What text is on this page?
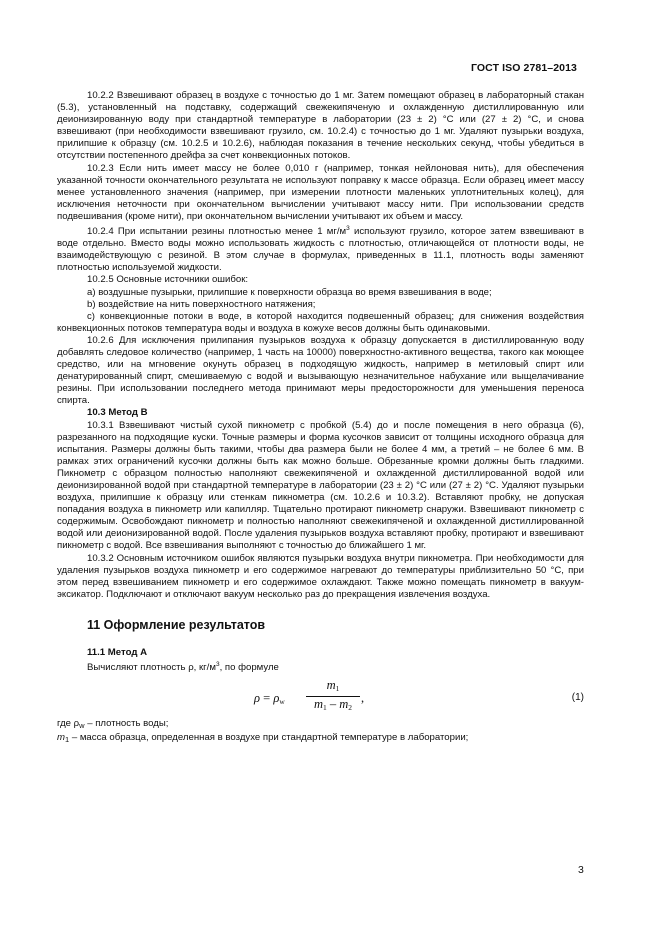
ГОСТ ISO 2781–2013

10.2.2 Взвешивают образец в воздухе с точностью до 1 мг. Затем помещают образец в лабораторный стакан (5.3), установленный на подставку, содержащий свежекипяченую и охлажденную дистиллированную или деионизированную воду при стандартной температуре в лаборатории (23 ± 2) °C или (27 ± 2) °C, и снова взвешивают (при необходимости взвешивают грузило, см. 10.2.4) с точностью до 1 мг. Удаляют пузырьки воздуха, прилипшие к образцу (см. 10.2.5 и 10.2.6), наблюдая показания в течение нескольких секунд, чтобы убедиться в отсутствии постепенного дрейфа за счет конвекционных потоков.

10.2.3 Если нить имеет массу не более 0,010 г (например, тонкая нейлоновая нить), для обеспечения указанной точности окончательного результата не используют поправку к массе образца. Если образец имеет массу менее установленного значения (например, при измерении плотности маленьких уплотнительных колец), для исключения неточности при окончательном вычислении учитывают массу нити. При использовании средств подвешивания (кроме нити), при окончательном вычислении учитывают их объем и массу.

10.2.4 При испытании резины плотностью менее 1 $мг/м^3$ используют грузило, которое затем взвешивают в воде отдельно. Вместо воды можно использовать жидкость с плотностью, отличающейся от плотности воды, не взаимодействующую с резиной. В этом случае в формулах, приведенных в 11.1, плотность воды заменяют плотностью используемой жидкости.

10.2.5 Основные источники ошибок:

а) воздушные пузырьки, прилипшие к поверхности образца во время взвешивания в воде;

b) воздействие на нить поверхностного натяжения;

c) конвекционные потоки в воде, в которой находится подвешенный образец; для снижения воздействия конвекционных потоков температура воды и воздуха в кожухе весов должны быть одинаковыми.

10.2.6 Для исключения прилипания пузырьков воздуха к образцу допускается в дистиллированную воду добавлять следовое количество (например, 1 часть на 10000) поверхностно-активного вещества, такого как моющее средство, или на мгновение окунуть образец в подходящую жидкость, например в метиловый спирт или денатурированный спирт, смешиваемую с водой и вызывающую незначительное набухание или выщелачивание резины. При использовании последнего метода принимают меры предосторожности для уменьшения переноса спирта.

10.3 Метод В

10.3.1 Взвешивают чистый сухой пикнометр с пробкой (5.4) до и после помещения в него образца (6), разрезанного на подходящие куски. Точные размеры и форма кусочков зависит от толщины исходного образца для испытания. Размеры должны быть такими, чтобы два размера были не более 4 мм, а третий – не более 6 мм. В рамках этих ограничений кусочки должны быть как можно больше. Обрезанные кромки должны быть гладкими. Пикнометр с образцом полностью наполняют свежекипяченой и охлажденной дистиллированной водой или деионизированной водой при стандартной температуре в лаборатории (23 ± 2) °C или (27 ± 2) °C. Удаляют пузырьки воздуха, прилипшие к образцу или стенкам пикнометра (см. 10.2.6 и 10.3.2). Вставляют пробку, не допуская попадания воздуха в пикнометр или капилляр. Тщательно протирают пикнометр снаружи. Взвешивают пикнометр с содержимым. Освобождают пикнометр и полностью наполняют свежекипяченой и охлажденной дистиллированной водой или деионизированной водой. После удаления пузырьков воздуха вставляют пробку, протирают и взвешивают пикнометр с водой. Все взвешивания выполняют с точностью до ближайшего 1 мг.

10.3.2 Основным источником ошибок являются пузырьки воздуха внутри пикнометра. При необходимости для удаления пузырьков воздуха пикнометр и его содержимое нагревают до температуры приблизительно 50 °C, при этом перед взвешиванием пикнометр и его содержимое охлаждают. Также можно помещать пикнометр в вакуум-эксикатор. Подключают и отключают вакуум несколько раз до прекращения извлечения воздуха.

11 Оформление результатов

11.1 Метод А

Вычисляют плотность ρ, $кг/м^3$, по формуле

ρ = ρw
m1
m1 – m2
,	(1)

где $\rho_w$ – плотность воды;

$m_1$ – масса образца, определенная в воздухе при стандартной температуре в лаборатории;

3
